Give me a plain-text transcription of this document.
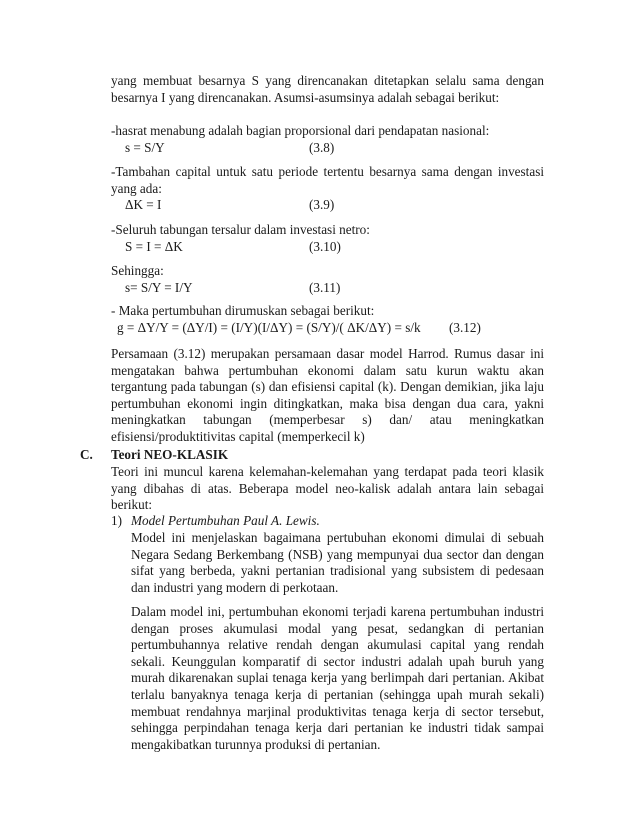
yang membuat besarnya S yang direncanakan ditetapkan selalu sama dengan besarnya I yang direncanakan. Asumsi-asumsinya adalah sebagai berikut:
-hasrat menabung adalah bagian proporsional dari pendapatan nasional:
s = S/Y	(3.8)
-Tambahan capital untuk satu periode tertentu besarnya sama dengan investasi yang ada:
ΔK = I	(3.9)
-Seluruh tabungan tersalur dalam investasi netro:
S = I = ΔK	(3.10)
Sehingga:
s= S/Y = I/Y	(3.11)
- Maka pertumbuhan dirumuskan sebagai berikut:
g = ΔY/Y = (ΔY/I) = (I/Y)(I/ΔY) = (S/Y)/( ΔK/ΔY) = s/k (3.12)
Persamaan (3.12) merupakan persamaan dasar model Harrod. Rumus dasar ini mengatakan bahwa pertumbuhan ekonomi dalam satu kurun waktu akan tergantung pada tabungan (s) dan efisiensi capital (k). Dengan demikian, jika laju pertumbuhan ekonomi ingin ditingkatkan, maka bisa dengan dua cara, yakni meningkatkan tabungan (memperbesar s) dan/ atau meningkatkan efisiensi/produktitivitas capital (memperkecil k)
C. Teori NEO-KLASIK
Teori ini muncul karena kelemahan-kelemahan yang terdapat pada teori klasik yang dibahas di atas. Beberapa model neo-kalisk adalah antara lain sebagai berikut:
1) Model Pertumbuhan Paul A. Lewis.
Model ini menjelaskan bagaimana pertubuhan ekonomi dimulai di sebuah Negara Sedang Berkembang (NSB) yang mempunyai dua sector dan dengan sifat yang berbeda, yakni pertanian tradisional yang subsistem di pedesaan dan industri yang modern di perkotaan.
Dalam model ini, pertumbuhan ekonomi terjadi karena pertumbuhan industri dengan proses akumulasi modal yang pesat, sedangkan di pertanian pertumbuhannya relative rendah dengan akumulasi capital yang rendah sekali. Keunggulan komparatif di sector industri adalah upah buruh yang murah dikarenakan suplai tenaga kerja yang berlimpah dari pertanian. Akibat terlalu banyaknya tenaga kerja di pertanian (sehingga upah murah sekali) membuat rendahnya marjinal produktivitas tenaga kerja di sector tersebut, sehingga perpindahan tenaga kerja dari pertanian ke industri tidak sampai mengakibatkan turunnya produksi di pertanian.
